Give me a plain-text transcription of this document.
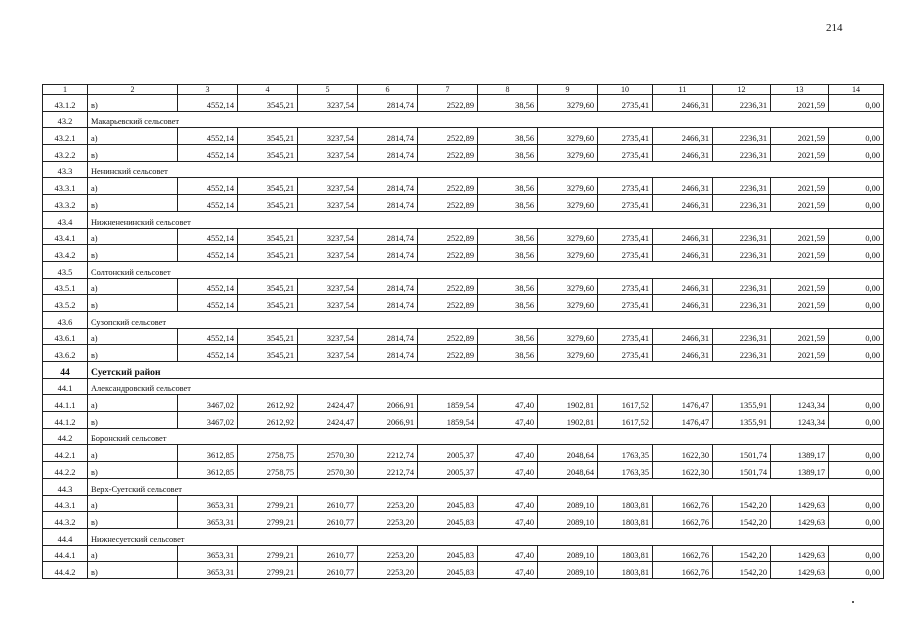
214
1	2	3	4	5	6	7	8	9	10	11	12	13	14
43.1.2	в)	4552,14	3545,21	3237,54	2814,74	2522,89	38,56	3279,60	2735,41	2466,31	2236,31	2021,59	0,00
43.2	Макарьевский сельсовет												
43.2.1	а)	4552,14	3545,21	3237,54	2814,74	2522,89	38,56	3279,60	2735,41	2466,31	2236,31	2021,59	0,00
43.2.2	в)	4552,14	3545,21	3237,54	2814,74	2522,89	38,56	3279,60	2735,41	2466,31	2236,31	2021,59	0,00
43.3	Ненинский сельсовет												
43.3.1	а)	4552,14	3545,21	3237,54	2814,74	2522,89	38,56	3279,60	2735,41	2466,31	2236,31	2021,59	0,00
43.3.2	в)	4552,14	3545,21	3237,54	2814,74	2522,89	38,56	3279,60	2735,41	2466,31	2236,31	2021,59	0,00
43.4	Нижнененинский сельсовет												
43.4.1	а)	4552,14	3545,21	3237,54	2814,74	2522,89	38,56	3279,60	2735,41	2466,31	2236,31	2021,59	0,00
43.4.2	в)	4552,14	3545,21	3237,54	2814,74	2522,89	38,56	3279,60	2735,41	2466,31	2236,31	2021,59	0,00
43.5	Солтонский сельсовет												
43.5.1	а)	4552,14	3545,21	3237,54	2814,74	2522,89	38,56	3279,60	2735,41	2466,31	2236,31	2021,59	0,00
43.5.2	в)	4552,14	3545,21	3237,54	2814,74	2522,89	38,56	3279,60	2735,41	2466,31	2236,31	2021,59	0,00
43.6	Сузопский сельсовет												
43.6.1	а)	4552,14	3545,21	3237,54	2814,74	2522,89	38,56	3279,60	2735,41	2466,31	2236,31	2021,59	0,00
43.6.2	в)	4552,14	3545,21	3237,54	2814,74	2522,89	38,56	3279,60	2735,41	2466,31	2236,31	2021,59	0,00
44	Суетский район												
44.1	Александровский сельсовет												
44.1.1	а)	3467,02	2612,92	2424,47	2066,91	1859,54	47,40	1902,81	1617,52	1476,47	1355,91	1243,34	0,00
44.1.2	в)	3467,02	2612,92	2424,47	2066,91	1859,54	47,40	1902,81	1617,52	1476,47	1355,91	1243,34	0,00
44.2	Боронский сельсовет												
44.2.1	а)	3612,85	2758,75	2570,30	2212,74	2005,37	47,40	2048,64	1763,35	1622,30	1501,74	1389,17	0,00
44.2.2	в)	3612,85	2758,75	2570,30	2212,74	2005,37	47,40	2048,64	1763,35	1622,30	1501,74	1389,17	0,00
44.3	Верх-Суетский сельсовет												
44.3.1	а)	3653,31	2799,21	2610,77	2253,20	2045,83	47,40	2089,10	1803,81	1662,76	1542,20	1429,63	0,00
44.3.2	в)	3653,31	2799,21	2610,77	2253,20	2045,83	47,40	2089,10	1803,81	1662,76	1542,20	1429,63	0,00
44.4	Нижнесуетский сельсовет												
44.4.1	а)	3653,31	2799,21	2610,77	2253,20	2045,83	47,40	2089,10	1803,81	1662,76	1542,20	1429,63	0,00
44.4.2	в)	3653,31	2799,21	2610,77	2253,20	2045,83	47,40	2089,10	1803,81	1662,76	1542,20	1429,63	0,00
